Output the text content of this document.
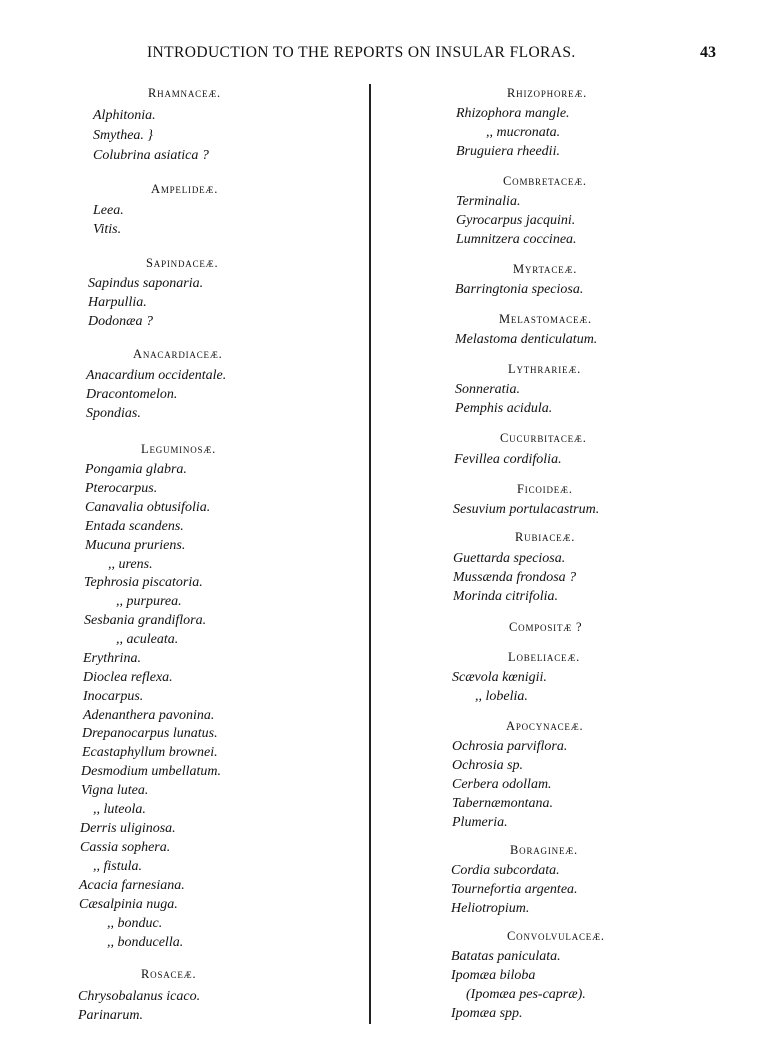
INTRODUCTION TO THE REPORTS ON INSULAR FLORAS.	43
Rhamnaceæ.
Alphitonia.
Smythea. }
Colubrina asiatica ?
Ampelideæ.
Leea.
Vitis.
Sapindaceæ.
Sapindus saponaria.
Harpullia.
Dodonæa ?
Anacardiaceæ.
Anacardium occidentale.
Dracontomelon.
Spondias.
Leguminosæ.
Pongamia glabra.
Pterocarpus.
Canavalia obtusifolia.
Entada scandens.
Mucuna pruriens.
,, urens.
Tephrosia piscatoria.
,, purpurea.
Sesbania grandiflora.
,, aculeata.
Erythrina.
Dioclea reflexa.
Inocarpus.
Adenanthera pavonina.
Drepanocarpus lunatus.
Ecastaphyllum brownei.
Desmodium umbellatum.
Vigna lutea.
,, luteola.
Derris uliginosa.
Cassia sophera.
,, fistula.
Acacia farnesiana.
Cæsalpinia nuga.
,, bonduc.
,, bonducella.
Rosaceæ.
Chrysobalanus icaco.
Parinarum.
Rhizophoreæ.
Rhizophora mangle.
,, mucronata.
Bruguiera rheedii.
Combretaceæ.
Terminalia.
Gyrocarpus jacquini.
Lumnitzera coccinea.
Myrtaceæ.
Barringtonia speciosa.
Melastomaceæ.
Melastoma denticulatum.
Lythrarieæ.
Sonneratia.
Pemphis acidula.
Cucurbitaceæ.
Fevillea cordifolia.
Ficoideæ.
Sesuvium portulacastrum.
Rubiaceæ.
Guettarda speciosa.
Mussænda frondosa ?
Morinda citrifolia.
Compositæ ?
Lobeliaceæ.
Scævola kœnigii.
,, lobelia.
Apocynaceæ.
Ochrosia parviflora.
Ochrosia sp.
Cerbera odollam.
Tabernæmontana.
Plumeria.
Boragineæ.
Cordia subcordata.
Tournefortia argentea.
Heliotropium.
Convolvulaceæ.
Batatas paniculata.
Ipomæa biloba
(Ipomæa pes-capræ).
Ipomæa spp.
